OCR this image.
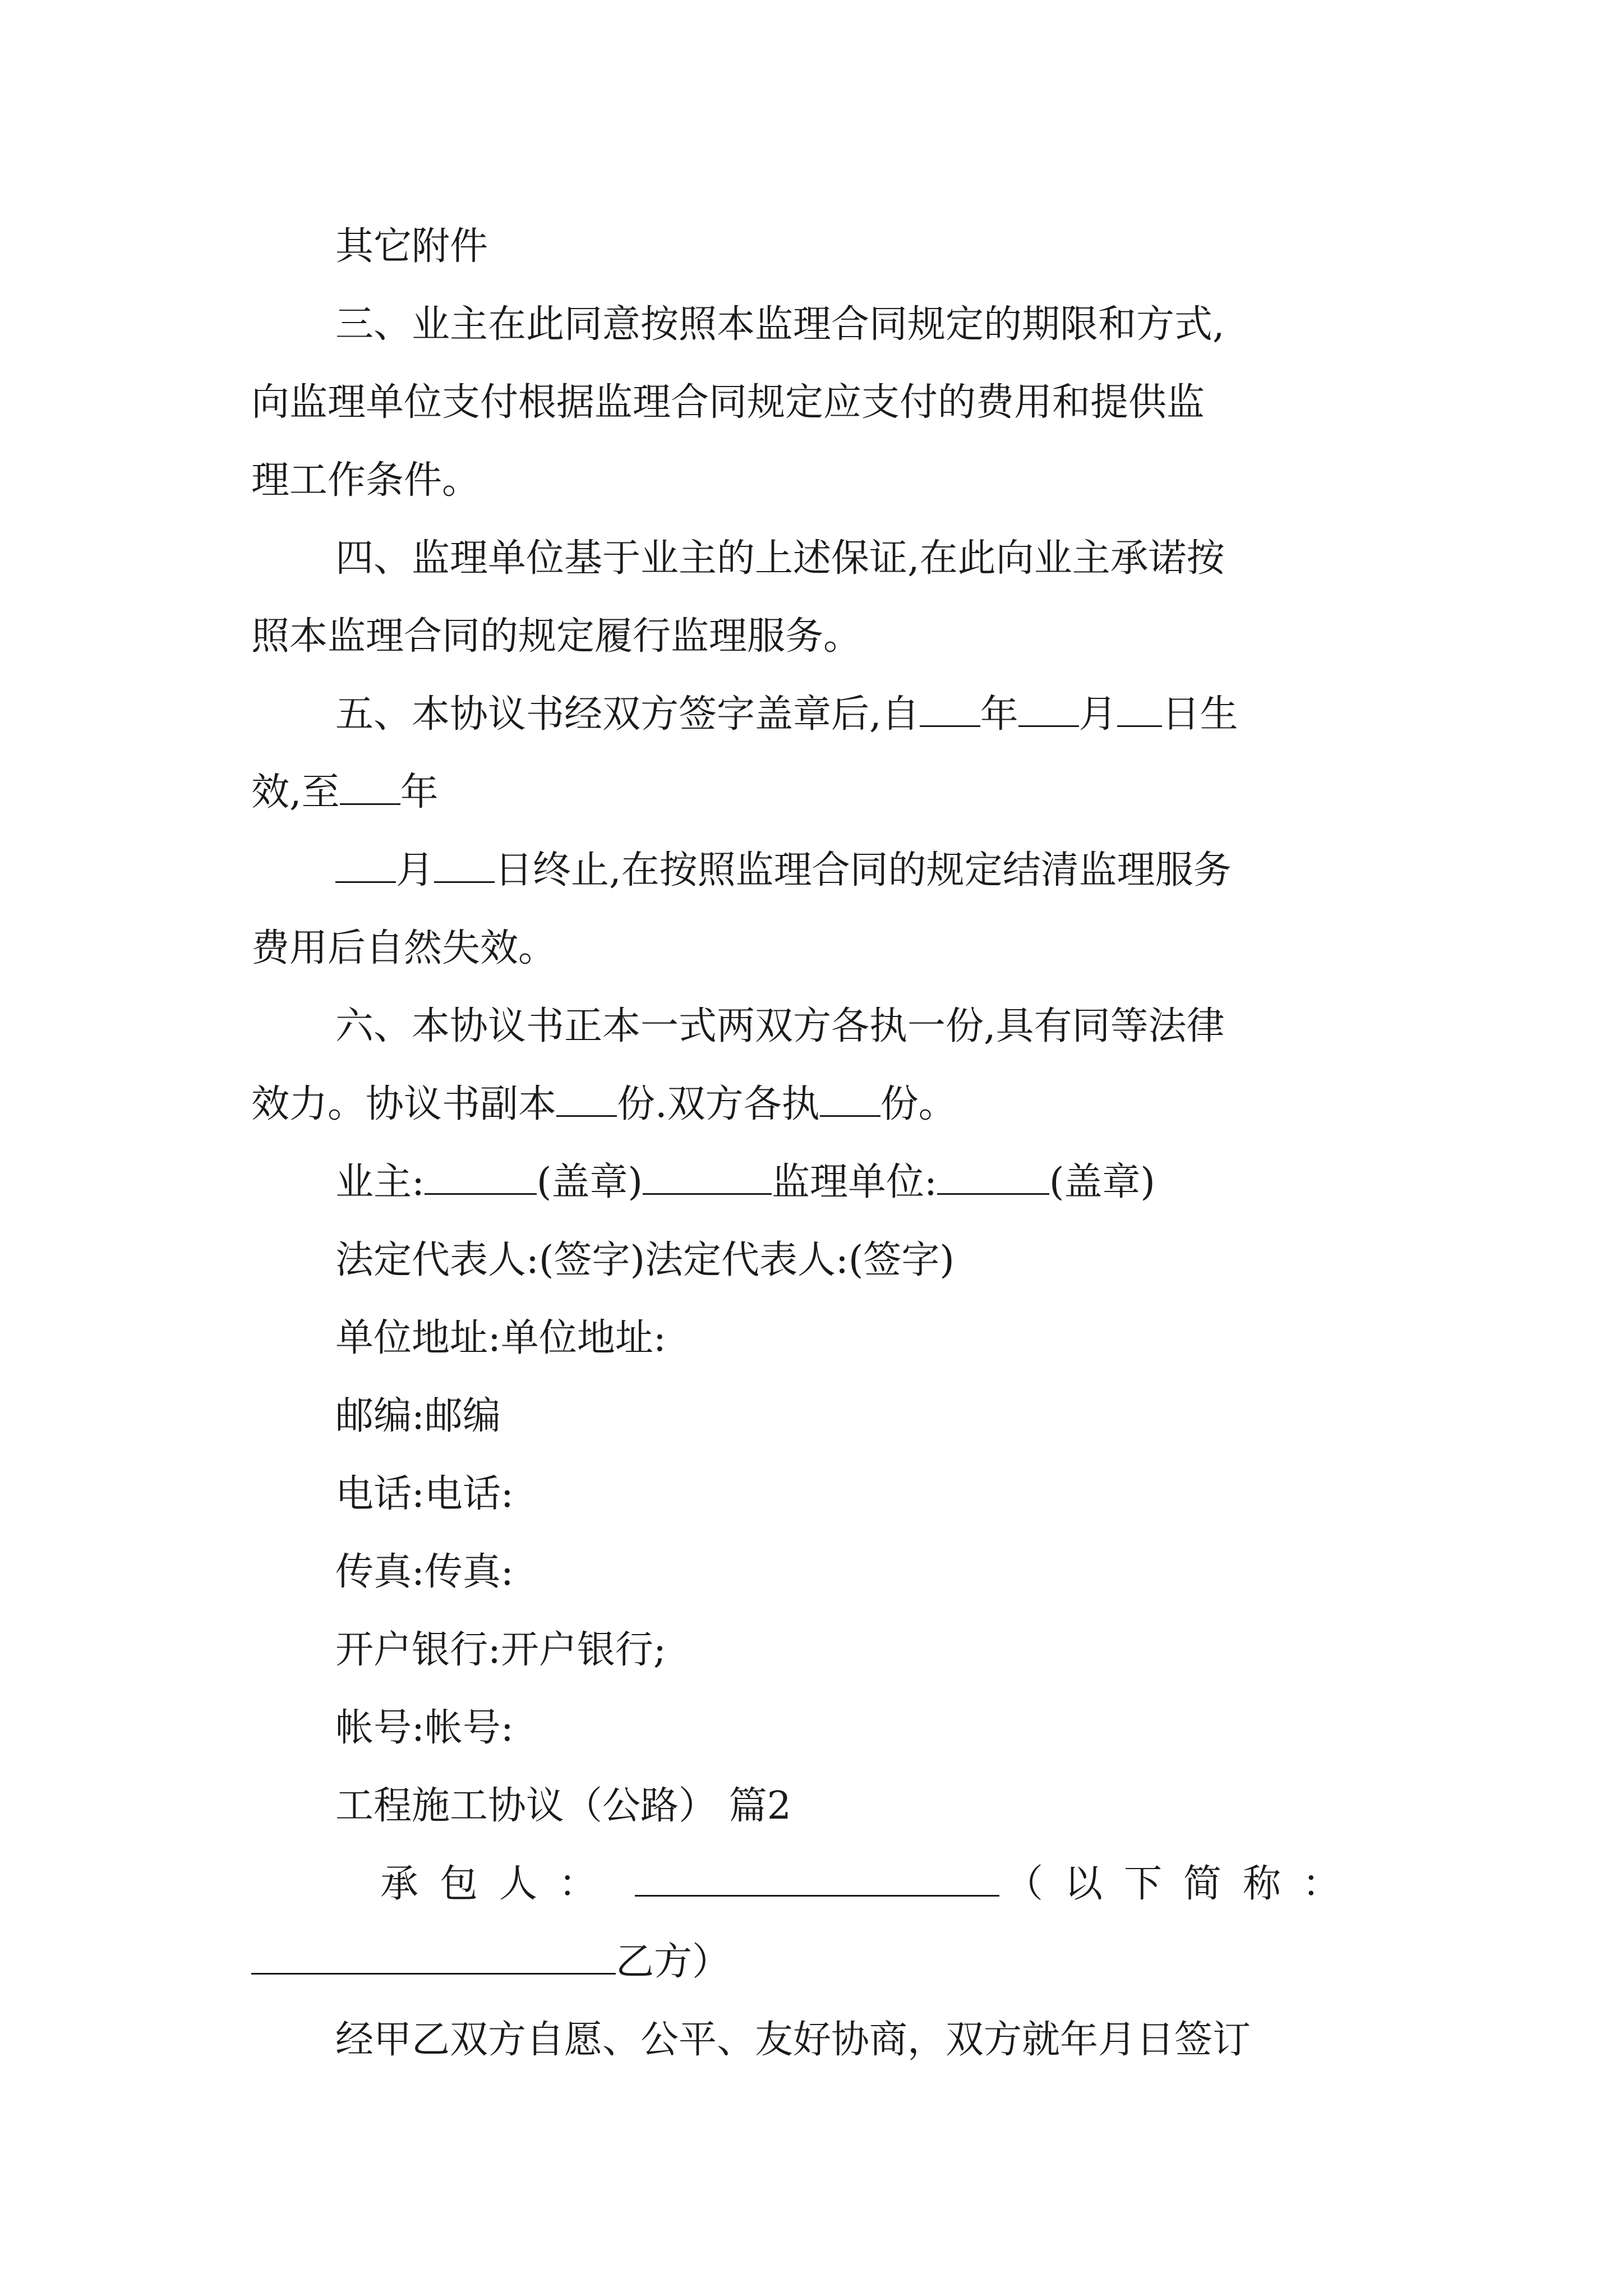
其它附件
三、业主在此同意按照本监理合同规定的期限和方式,
向监理单位支付根据监理合同规定应支付的费用和提供监
理工作条件。
四、监理单位基于业主的上述保证,在此向业主承诺按
照本监理合同的规定履行监理服务。
五、本协议书经双方签字盖章后,自 年 月 日生
效,至 年
月 日终止,在按照监理合同的规定结清监理服务
费用后自然失效。
六、本协议书正本一式两双方各执一份,具有同等法律
效力。协议书副本 份.双方各执 份。
业主:	(盖章)	监理单位:	(盖章)
法定代表人:(签字)法定代表人:(签字)
单位地址:单位地址:
邮编:邮编
电话:电话:
传真:传真:
开户银行:开户银行;
帐号:帐号:
工程施工协议（公路） 篇2
承包人：	（以下简称：
乙方）
经甲乙双方自愿、公平、友好协商，双方就年月日签订
